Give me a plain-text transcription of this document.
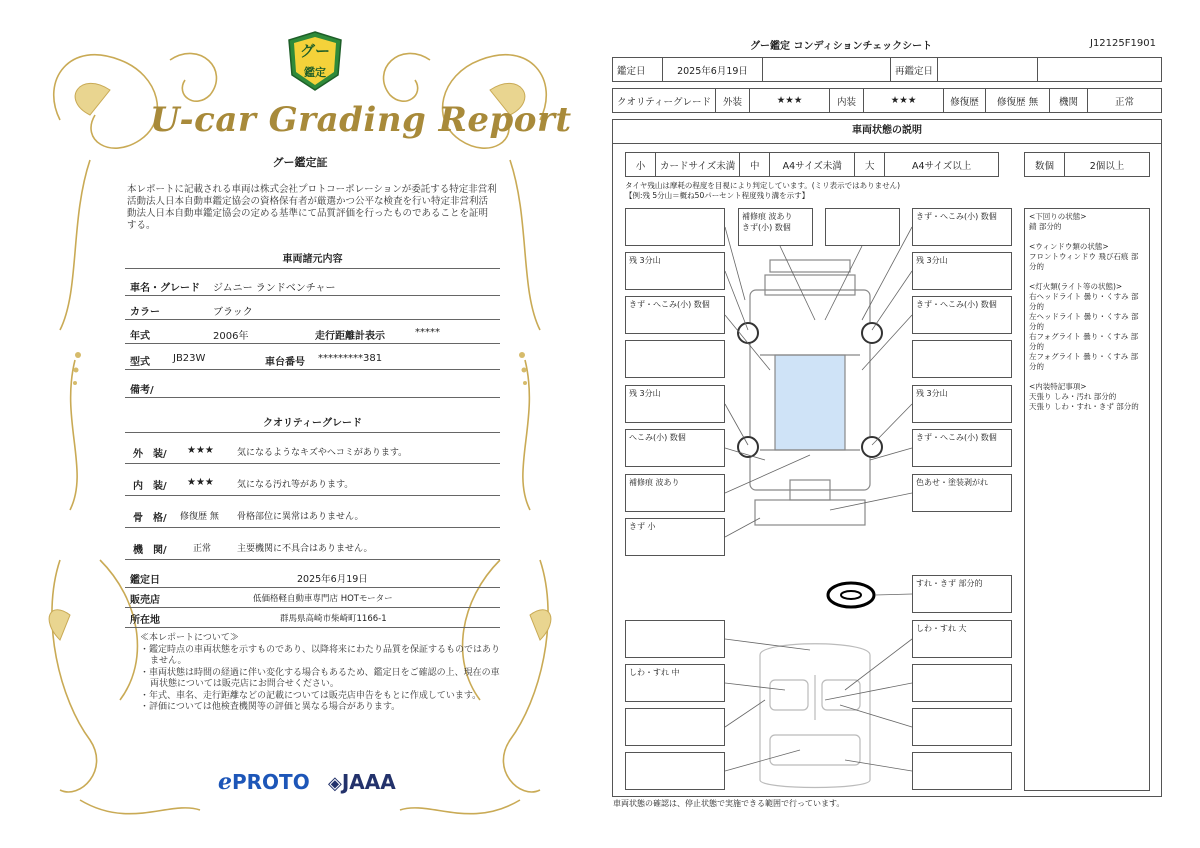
グー
鑑定
U-car Grading Report
グー鑑定証
本レポートに記載される車両は株式会社プロトコーポレーションが委託する特定非営利活動法人日本自動車鑑定協会の資格保有者が厳選かつ公平な検査を行い特定非営利活動法人日本自動車鑑定協会の定める基準にて品質評価を行ったものであることを証明する。
車両諸元内容
車名・グレード ジムニー ランドベンチャー
カラー	ブラック
年式	2006年	走行距離計表示	*****
型式 JB23W	車台番号 *********381
備考/
クオリティーグレード
外　装/ ★★★	気になるようなキズやヘコミがあります。
内　装/ ★★★	気になる汚れ等があります。
骨　格/ 修復歴 無 骨格部位に異常はありません。
機　関/	正常	主要機関に不具合はありません。
鑑定日	2025年6月19日
販売店	低価格軽自動車専門店 HOTモーター
所在地	群馬県高崎市柴崎町1166-1
≪本レポートについて≫
・鑑定時点の車両状態を示すものであり、以降将来にわたり品質を保証するものではありません。
・車両状態は時間の経過に伴い変化する場合もあるため、鑑定日をご確認の上、現在の車両状態については販売店にお問合せください。
・年式、車名、走行距離などの記載については販売店申告をもとに作成しています。
・評価については他検査機関等の評価と異なる場合があります。
ℯPROTO ◈JAAA
グー鑑定 コンディションチェックシート	J12125F1901
鑑定日	2025年6月19日		再鑑定日		
クオリティーグレード	外装	★★★	内装	★★★	修復歴	修復歴 無	機関	正常
車両状態の説明
小	カードサイズ未満	中	A4サイズ未満	大	A4サイズ以上	数個	2個以上
タイヤ残山は摩耗の程度を目視により判定しています。(ミリ表示ではありません)
【例:残 5分山＝概ね50パーセント程度残り溝を示す】
補修痕 波あり
きず(小) 数個
きず・へこみ(小) 数個
残 3分山	残 3分山
きず・へこみ(小) 数個	きず・へこみ(小) 数個
残 3分山	残 3分山
へこみ(小) 数個	きず・へこみ(小) 数個
補修痕 波あり	色あせ・塗装剥がれ
きず 小
すれ・きず 部分的
しわ・すれ 大
しわ・すれ 中
<下回りの状態>
錆 部分的
<ウィンドウ類の状態>
フロントウィンドウ 飛び石痕 部分的
<灯火類(ライト等の状態)>
右ヘッドライト 曇り・くすみ 部分的
左ヘッドライト 曇り・くすみ 部分的
右フォグライト 曇り・くすみ 部分的
左フォグライト 曇り・くすみ 部分的
<内装特記事項>
天張り しみ・汚れ 部分的
天張り しわ・すれ・きず 部分的
車両状態の確認は、停止状態で実施できる範囲で行っています。
